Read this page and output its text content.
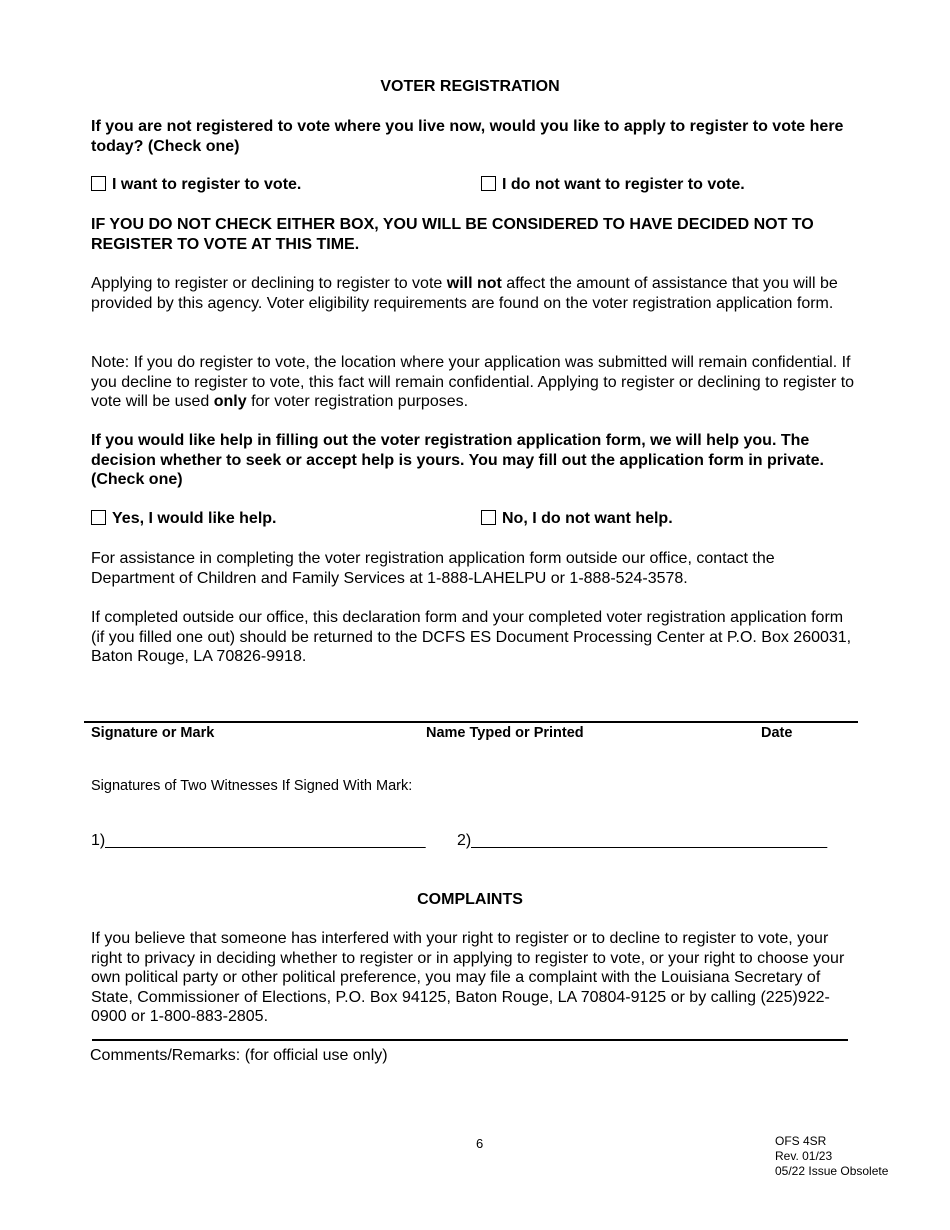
VOTER REGISTRATION
If you are not registered to vote where you live now, would you like to apply to register to vote here today? (Check one)
I want to register to vote.	I do not want to register to vote.
IF YOU DO NOT CHECK EITHER BOX, YOU WILL BE CONSIDERED TO HAVE DECIDED NOT TO REGISTER TO VOTE AT THIS TIME.
Applying to register or declining to register to vote will not affect the amount of assistance that you will be provided by this agency. Voter eligibility requirements are found on the voter registration application form.
Note: If you do register to vote, the location where your application was submitted will remain confidential. If you decline to register to vote, this fact will remain confidential. Applying to register or declining to register to vote will be used only for voter registration purposes.
If you would like help in filling out the voter registration application form, we will help you. The decision whether to seek or accept help is yours. You may fill out the application form in private. (Check one)
Yes, I would like help.	No, I do not want help.
For assistance in completing the voter registration application form outside our office, contact the Department of Children and Family Services at 1-888-LAHELPU or 1-888-524-3578.
If completed outside our office, this declaration form and your completed voter registration application form (if you filled one out) should be returned to the DCFS ES Document Processing Center at P.O. Box 260031, Baton Rouge, LA 70826-9918.
Signature or Mark	Name Typed or Printed	Date
Signatures of Two Witnesses If Signed With Mark:
1)____________________________________ 2)________________________________________
COMPLAINTS
If you believe that someone has interfered with your right to register or to decline to register to vote, your right to privacy in deciding whether to register or in applying to register to vote, or your right to choose your own political party or other political preference, you may file a complaint with the Louisiana Secretary of State, Commissioner of Elections, P.O. Box 94125, Baton Rouge, LA 70804-9125 or by calling (225)922-0900 or 1-800-883-2805.
Comments/Remarks: (for official use only)
6	OFS 4SR
Rev. 01/23
05/22 Issue Obsolete
